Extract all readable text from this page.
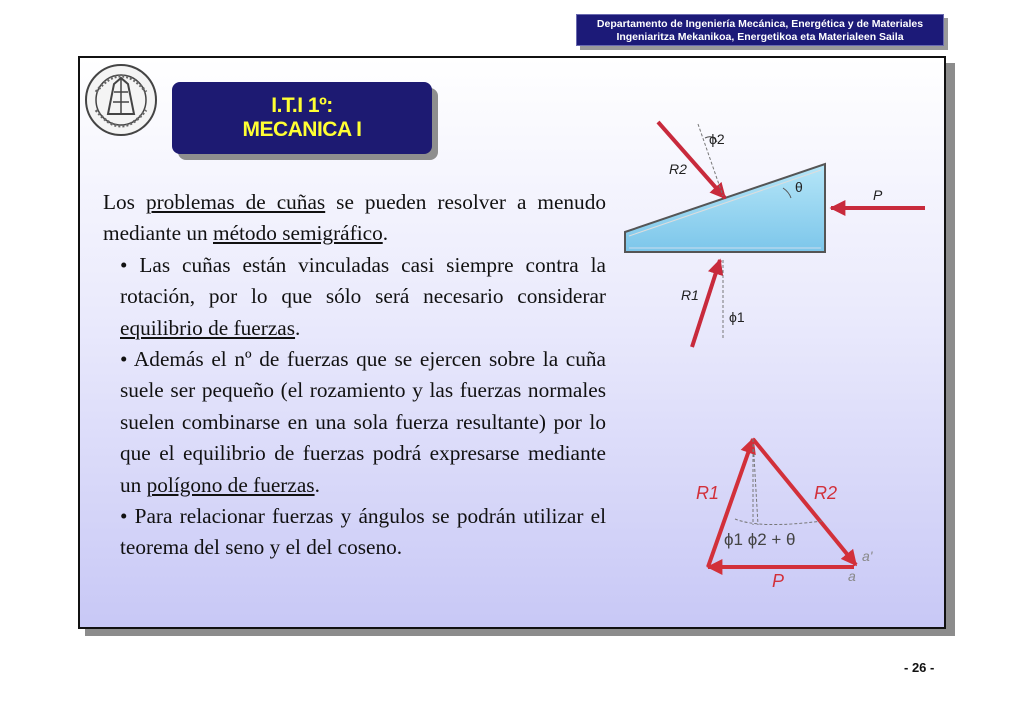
Departamento de Ingeniería Mecánica, Energética y de Materiales
Ingeniaritza Mekanikoa, Energetikoa eta Materialeen Saila
I.T.I 1º:
MECANICA I

Los problemas de cuñas se pueden resolver a menudo mediante un método semigráfico.

• Las cuñas están vinculadas casi siempre contra la rotación, por lo que sólo será necesario considerar equilibrio de fuerzas.

• Además el nº de fuerzas que se ejercen sobre la cuña suele ser pequeño (el rozamiento y las fuerzas normales suelen combinarse en una sola fuerza resultante) por lo que el equilibrio de fuerzas podrá expresarse mediante un polígono de fuerzas.

• Para relacionar fuerzas y ángulos se podrán utilizar el teorema del seno y el del coseno.

ϕ2
R2
θ	P
R1
ϕ1
R1	R2
ϕ1 ϕ2 + θ
P
a'
a
- 26 -
